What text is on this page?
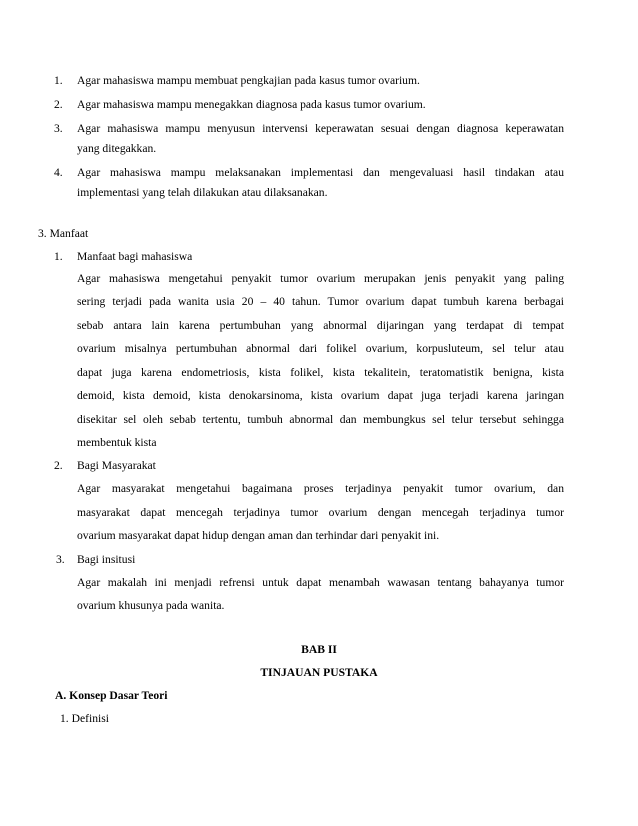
1. Agar mahasiswa mampu membuat pengkajian pada kasus tumor ovarium.
2. Agar mahasiswa mampu menegakkan diagnosa pada kasus tumor ovarium.
3. Agar mahasiswa mampu menyusun intervensi keperawatan sesuai dengan diagnosa keperawatan
yang ditegakkan.
4. Agar mahasiswa mampu melaksanakan implementasi dan mengevaluasi hasil tindakan atau
implementasi yang telah dilakukan atau dilaksanakan.
3. Manfaat
1. Manfaat bagi mahasiswa
Agar mahasiswa mengetahui penyakit tumor ovarium merupakan jenis penyakit yang paling
sering terjadi pada wanita usia 20 – 40 tahun. Tumor ovarium dapat tumbuh karena berbagai
sebab antara lain karena pertumbuhan yang abnormal dijaringan yang terdapat di tempat
ovarium misalnya pertumbuhan abnormal dari folikel ovarium, korpusluteum, sel telur atau
dapat juga karena endometriosis, kista folikel, kista tekalitein, teratomatistik benigna, kista
demoid, kista demoid, kista denokarsinoma, kista ovarium dapat juga terjadi karena jaringan
disekitar sel oleh sebab tertentu, tumbuh abnormal dan membungkus sel telur tersebut sehingga
membentuk kista
2. Bagi Masyarakat
Agar masyarakat mengetahui bagaimana proses terjadinya penyakit tumor ovarium, dan
masyarakat dapat mencegah terjadinya tumor ovarium dengan mencegah terjadinya tumor
ovarium masyarakat dapat hidup dengan aman dan terhindar dari penyakit ini.
3. Bagi insitusi
Agar makalah ini menjadi refrensi untuk dapat menambah wawasan tentang bahayanya tumor
ovarium khusunya pada wanita.
BAB II
TINJAUAN PUSTAKA
A. Konsep Dasar Teori
1. Definisi
